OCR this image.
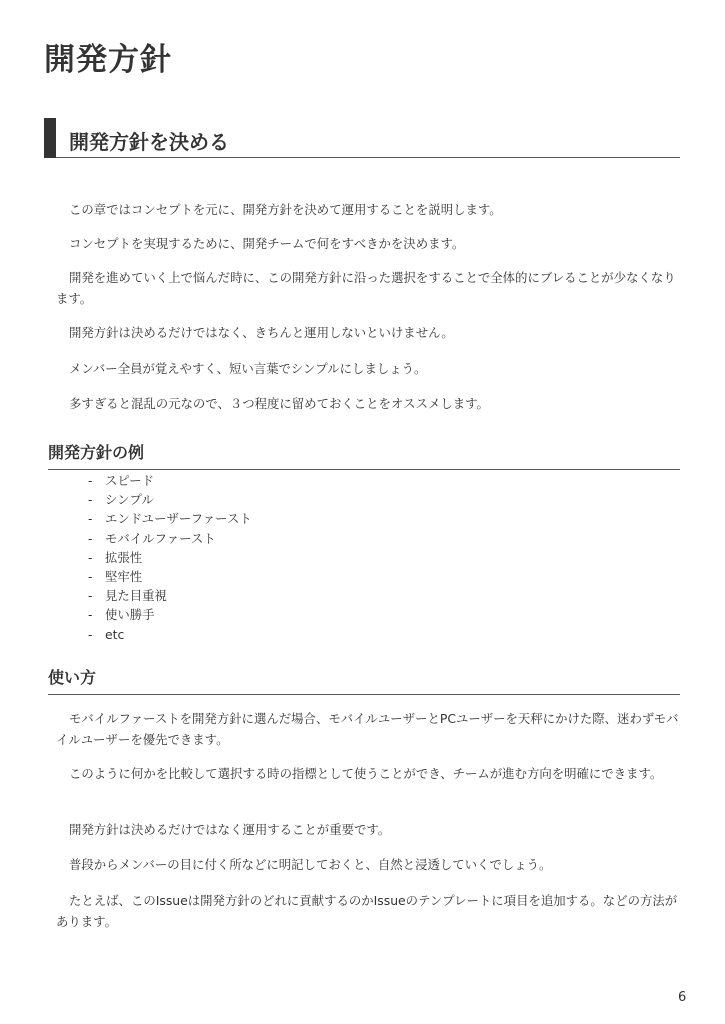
開発方針
開発方針を決める
この章ではコンセプトを元に、開発方針を決めて運用することを説明します。
コンセプトを実現するために、開発チームで何をすべきかを決めます。
開発を進めていく上で悩んだ時に、この開発方針に沿った選択をすることで全体的にブレることが少なくなります。
開発方針は決めるだけではなく、きちんと運用しないといけません。
メンバー全員が覚えやすく、短い言葉でシンプルにしましょう。
多すぎると混乱の元なので、３つ程度に留めておくことをオススメします。
開発方針の例
- スピード
- シンプル
- エンドユーザーファースト
- モバイルファースト
- 拡張性
- 堅牢性
- 見た目重視
- 使い勝手
- etc
使い方
モバイルファーストを開発方針に選んだ場合、モバイルユーザーとPCユーザーを天秤にかけた際、迷わずモバイルユーザーを優先できます。
このように何かを比較して選択する時の指標として使うことができ、チームが進む方向を明確にできます。
開発方針は決めるだけではなく運用することが重要です。
普段からメンバーの目に付く所などに明記しておくと、自然と浸透していくでしょう。
たとえば、このIssueは開発方針のどれに貢献するのかIssueのテンプレートに項目を追加する。などの方法があります。
6
